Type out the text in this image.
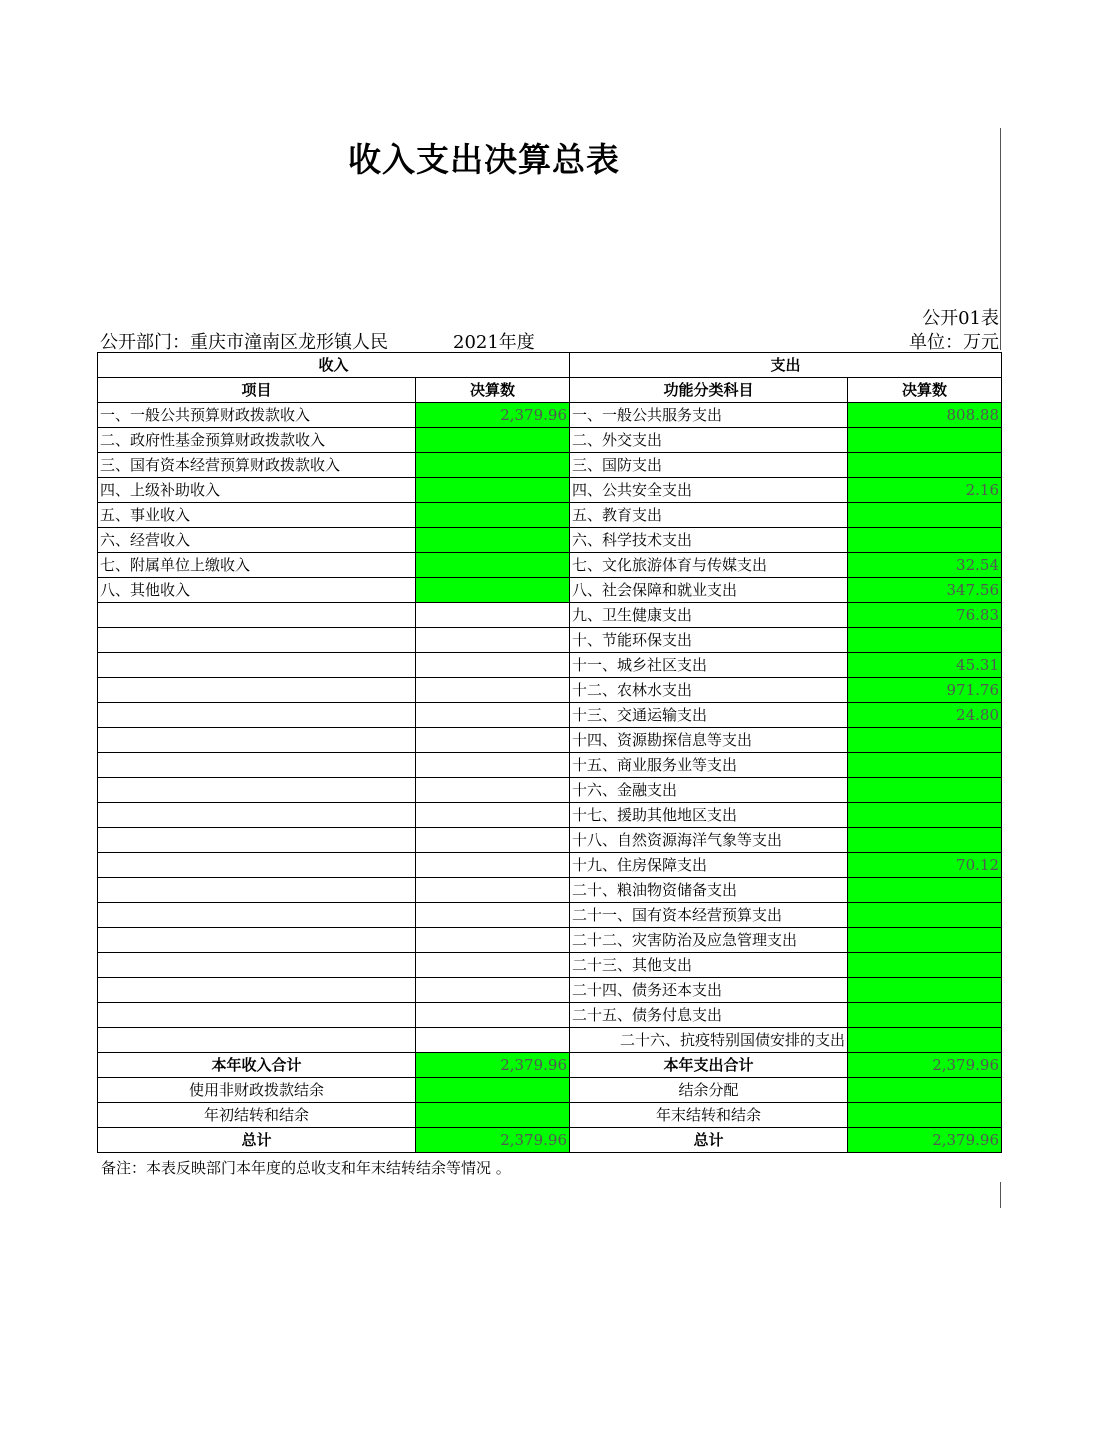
收入支出决算总表
公开01表
公开部门：重庆市潼南区龙形镇人民	2021年度	单位：万元
收入		支出	
项目	决算数	功能分类科目	决算数
一、一般公共预算财政拨款收入	2,379.96	一、一般公共服务支出	808.88
二、政府性基金预算财政拨款收入		二、外交支出	
三、国有资本经营预算财政拨款收入		三、国防支出	
四、上级补助收入		四、公共安全支出	2.16
五、事业收入		五、教育支出	
六、经营收入		六、科学技术支出	
七、附属单位上缴收入		七、文化旅游体育与传媒支出	32.54
八、其他收入		八、社会保障和就业支出	347.56
		九、卫生健康支出	76.83
		十、节能环保支出	
		十一、城乡社区支出	45.31
		十二、农林水支出	971.76
		十三、交通运输支出	24.80
		十四、资源勘探信息等支出	
		十五、商业服务业等支出	
		十六、金融支出	
		十七、援助其他地区支出	
		十八、自然资源海洋气象等支出	
		十九、住房保障支出	70.12
		二十、粮油物资储备支出	
		二十一、国有资本经营预算支出	
		二十二、灾害防治及应急管理支出	
		二十三、其他支出	
		二十四、债务还本支出	
		二十五、债务付息支出	
		二十六、抗疫特别国债安排的支出	
本年收入合计	2,379.96	本年支出合计	2,379.96
使用非财政拨款结余		结余分配	
年初结转和结余		年末结转和结余	
总计	2,379.96	总计	2,379.96
备注：本表反映部门本年度的总收支和年末结转结余等情况 。
